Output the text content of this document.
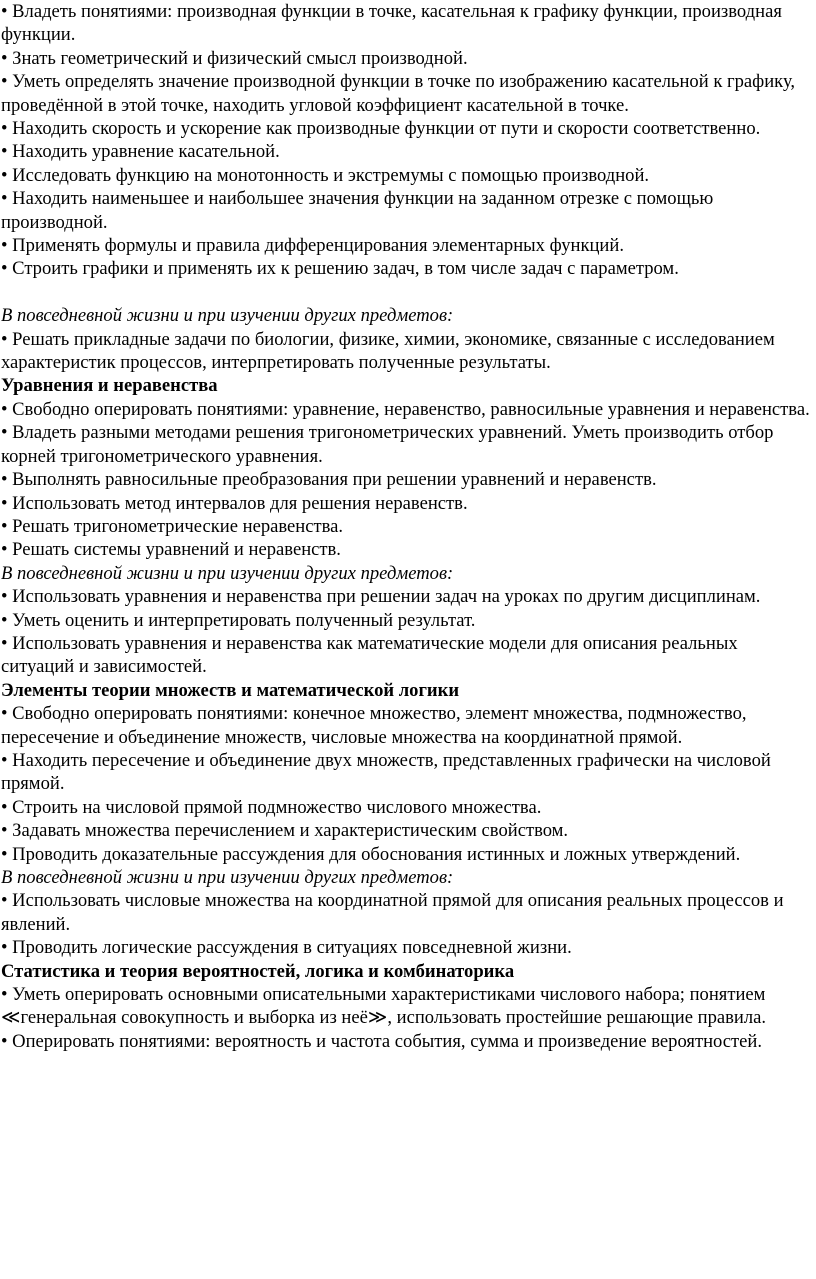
• Владеть понятиями: производная функции в точке, касательная к графику функции, производная функции.
• Знать геометрический и физический смысл производной.
• Уметь определять значение производной функции в точке по изображению касательной к графику, проведённой в этой точке, находить угловой коэффициент касательной в точке.
• Находить скорость и ускорение как производные функции от пути и скорости соответственно.
• Находить уравнение касательной.
• Исследовать функцию на монотонность и экстремумы с помощью производной.
• Находить наименьшее и наибольшее значения функции на заданном отрезке с помощью производной.
• Применять формулы и правила дифференцирования элементарных функций.
• Строить графики и применять их к решению задач, в том числе задач с параметром.
В повседневной жизни и при изучении других предметов:
• Решать прикладные задачи по биологии, физике, химии, экономике, связанные с исследованием характеристик процессов, интерпретировать полученные результаты.
Уравнения и неравенства
• Свободно оперировать понятиями: уравнение, неравенство, равносильные уравнения и неравенства.
• Владеть разными методами решения тригонометрических уравнений. Уметь производить отбор корней тригонометрического уравнения.
• Выполнять равносильные преобразования при решении уравнений и неравенств.
• Использовать метод интервалов для решения неравенств.
• Решать тригонометрические неравенства.
• Решать системы уравнений и неравенств.
В повседневной жизни и при изучении других предметов:
• Использовать уравнения и неравенства при решении задач на уроках по другим дисциплинам.
• Уметь оценить и интерпретировать полученный результат.
• Использовать уравнения и неравенства как математические модели для описания реальных ситуаций и зависимостей.
Элементы теории множеств и математической логики
• Свободно оперировать понятиями: конечное множество, элемент множества, подмножество, пересечение и объединение множеств, числовые множества на координатной прямой.
• Находить пересечение и объединение двух множеств, представленных графически на числовой прямой.
• Строить на числовой прямой подмножество числового множества.
• Задавать множества перечислением и характеристическим свойством.
• Проводить доказательные рассуждения для обоснования истинных и ложных утверждений.
В повседневной жизни и при изучении других предметов:
• Использовать числовые множества на координатной прямой для описания реальных процессов и явлений.
• Проводить логические рассуждения в ситуациях повседневной жизни.
Статистика и теория вероятностей, логика и комбинаторика
• Уметь оперировать основными описательными характеристиками числового набора; понятием ≪генеральная совокупность и выборка из неё≫, использовать простейшие решающие правила.
• Оперировать понятиями: вероятность и частота события, сумма и произведение вероятностей.
